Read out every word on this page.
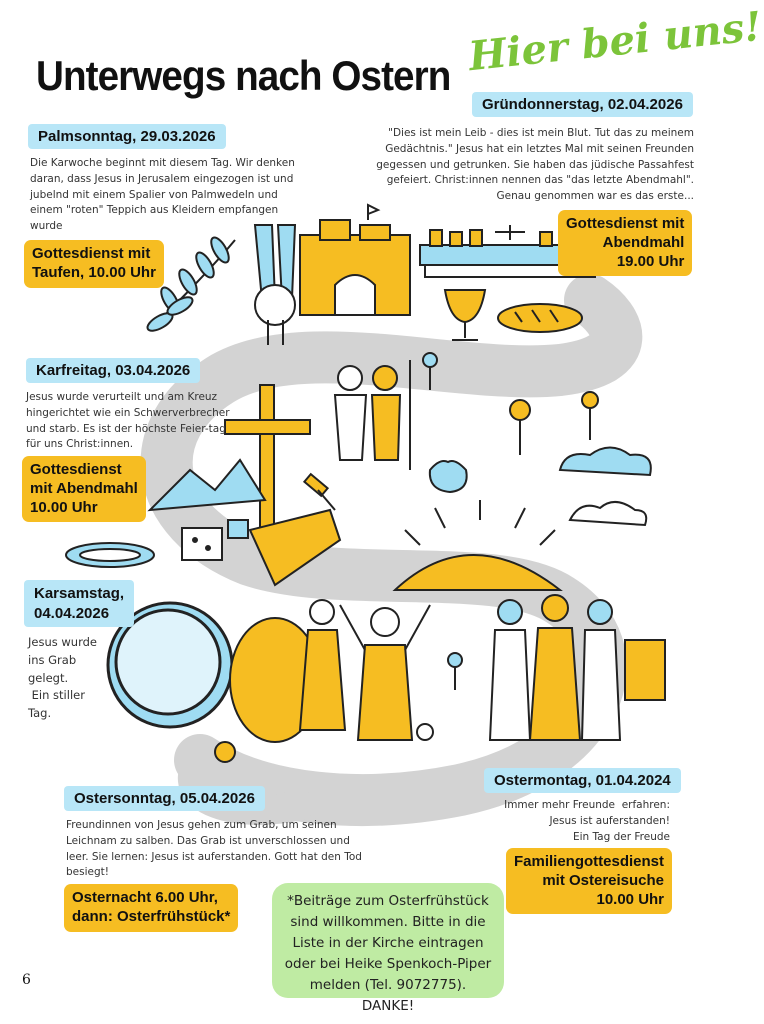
Unterwegs nach Ostern Hier bei uns!
Palmsonntag, 29.03.2026
Die Karwoche beginnt mit diesem Tag. Wir denken daran, dass Jesus in Jerusalem eingezogen ist und jubelnd mit einem Spalier von Palmwedeln und einem "roten" Teppich aus Kleidern empfangen wurde
Gottesdienst mit
Taufen, 10.00 Uhr
Gründonnerstag, 02.04.2026
"Dies ist mein Leib - dies ist mein Blut. Tut das zu meinem Gedächtnis." Jesus hat ein letztes Mal mit seinen Freunden gegessen und getrunken. Sie haben das jüdische Passahfest gefeiert. Christ:innen nennen das "das letzte Abendmahl". Genau genommen war es das erste...
Gottesdienst mit
Abendmahl
19.00 Uhr
Karfreitag, 03.04.2026
Jesus wurde verurteilt und am Kreuz hingerichtet wie ein Schwerverbrecher und starb. Es ist der höchste Feier-tag für uns Christ:innen.
Gottesdienst
mit Abendmahl
10.00 Uhr
Karsamstag,
04.04.2026
Jesus wurde
ins Grab
gelegt.
Ein stiller
Tag.
Ostersonntag, 05.04.2026
Freundinnen von Jesus gehen zum Grab, um seinen Leichnam zu salben. Das Grab ist unverschlossen und leer. Sie lernen: Jesus ist auferstanden. Gott hat den Tod besiegt!
Osternacht 6.00 Uhr,
dann: Osterfrühstück*
Ostermontag, 01.04.2024
Immer mehr Freunde  erfahren:
Jesus ist auferstanden!
Ein Tag der Freude
Familiengottesdienst
mit Ostereisuche
10.00 Uhr
*Beiträge zum Osterfrühstück sind willkommen. Bitte in die Liste in der Kirche eintragen oder bei Heike Spenkoch-Piper melden (Tel. 9072775). DANKE!
6
